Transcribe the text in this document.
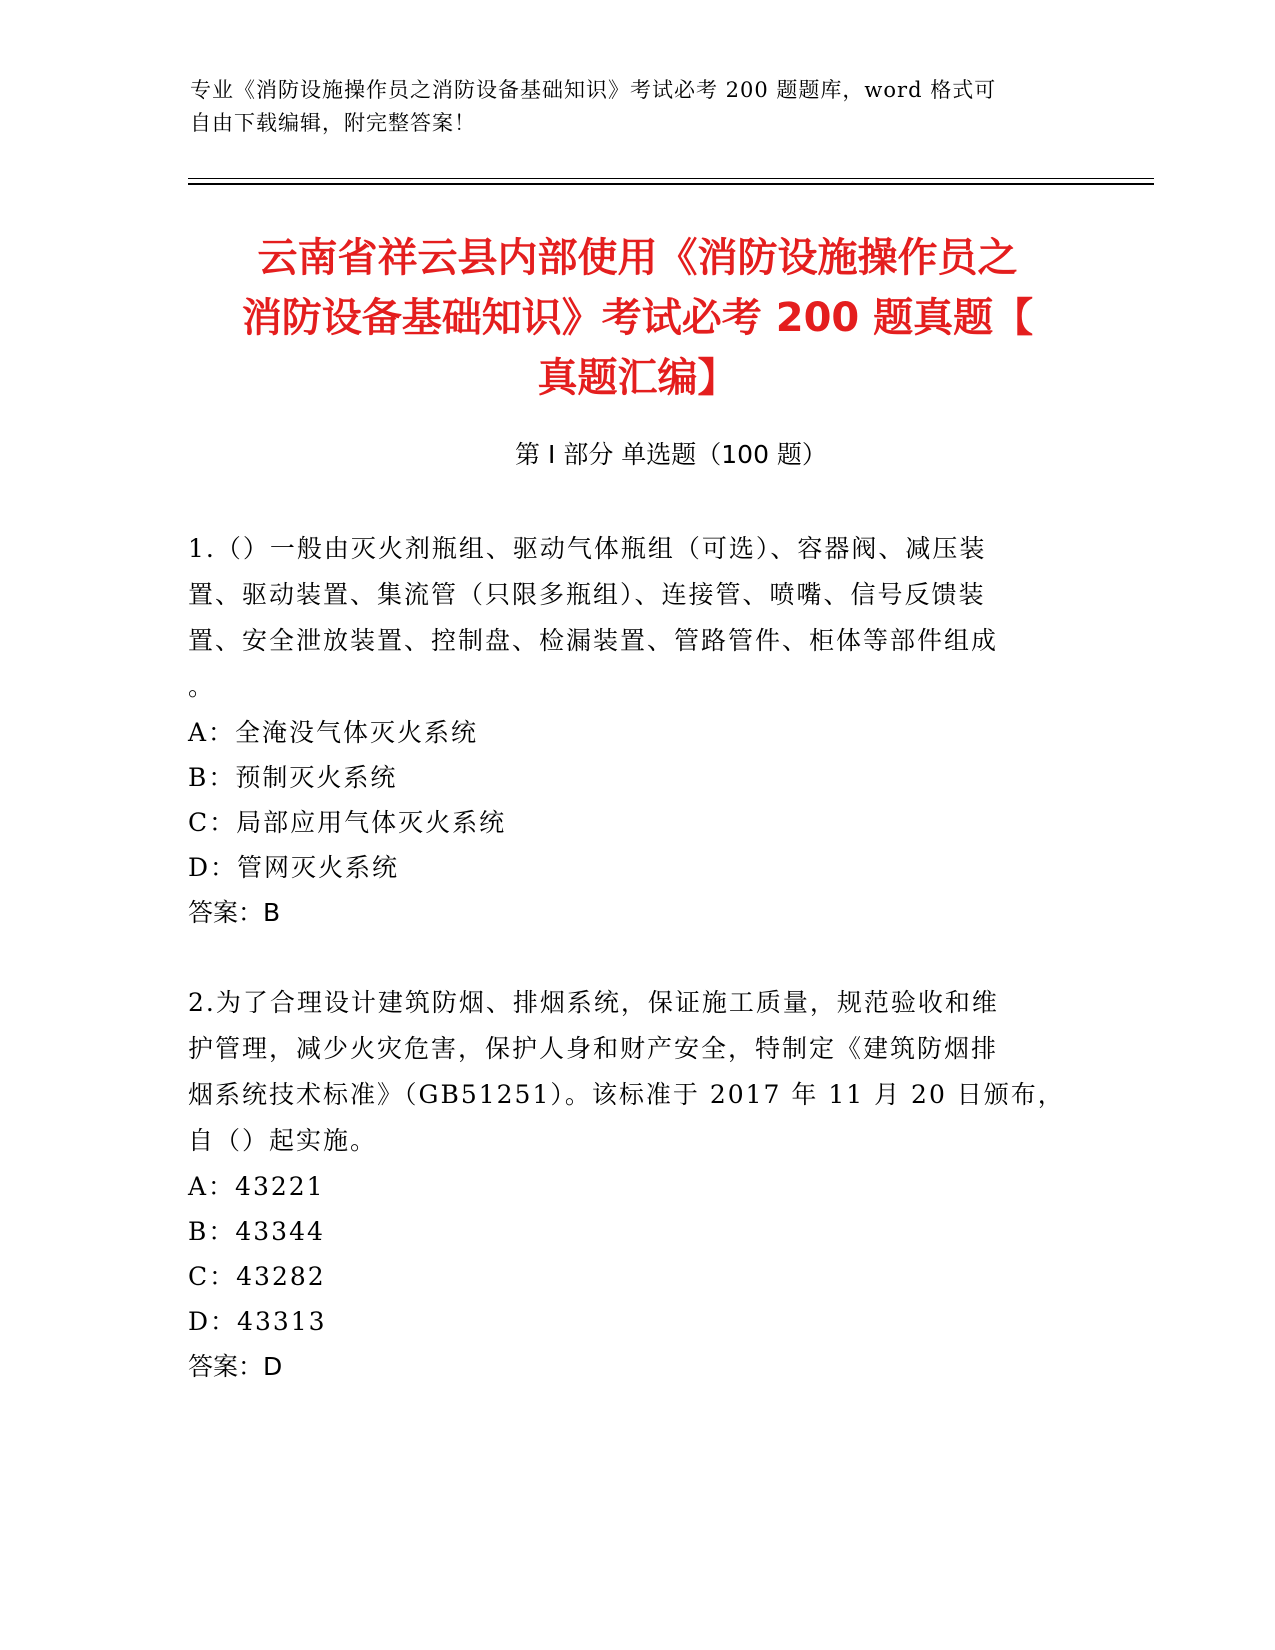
专业《消防设施操作员之消防设备基础知识》考试必考 200 题题库，word 格式可
自由下载编辑，附完整答案！
云南省祥云县内部使用《消防设施操作员之
消防设备基础知识》考试必考 200 题真题【
真题汇编】
第 I 部分 单选题（100 题）
1.（）一般由灭火剂瓶组、驱动气体瓶组（可选）、容器阀、减压装
置、驱动装置、集流管（只限多瓶组）、连接管、喷嘴、信号反馈装
置、安全泄放装置、控制盘、检漏装置、管路管件、柜体等部件组成
。
A：全淹没气体灭火系统
B：预制灭火系统
C：局部应用气体灭火系统
D：管网灭火系统
答案：B
2.为了合理设计建筑防烟、排烟系统，保证施工质量，规范验收和维
护管理，减少火灾危害，保护人身和财产安全，特制定《建筑防烟排
烟系统技术标准》（GB51251）。该标准于 2017 年 11 月 20 日颁布，
自（）起实施。
A：43221
B：43344
C：43282
D：43313
答案：D
